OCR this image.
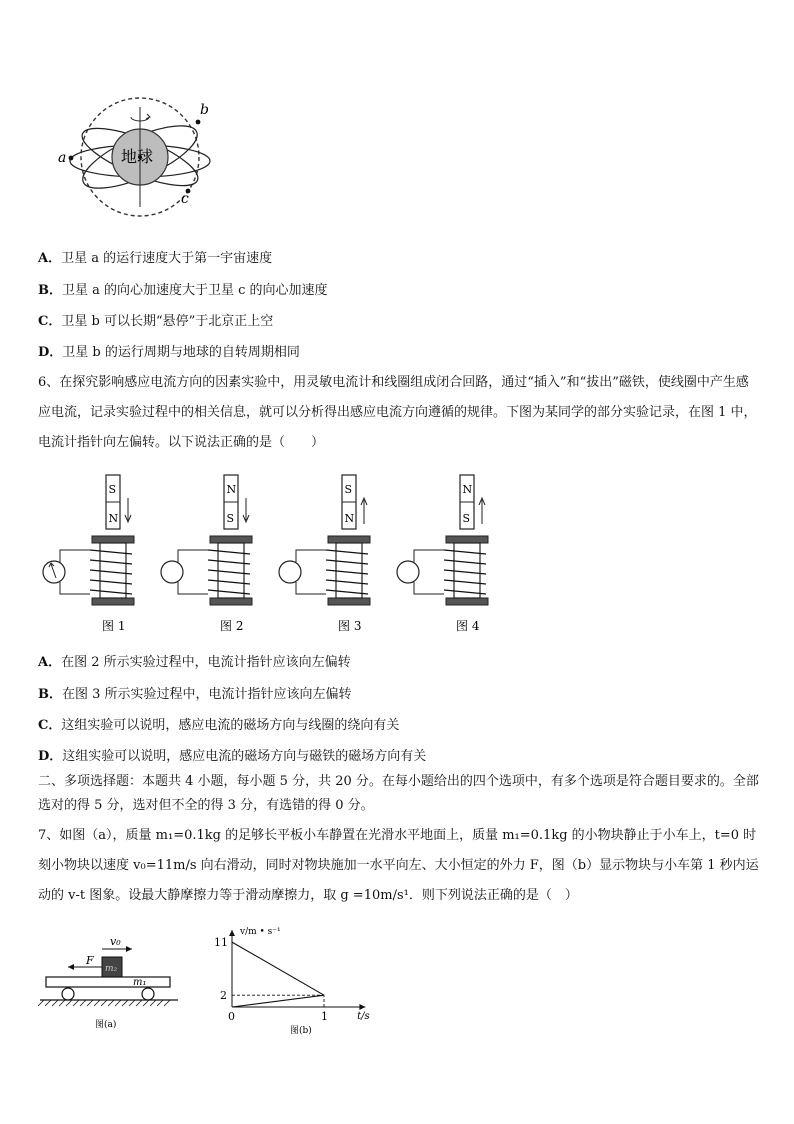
地球
a
b
c
A．卫星 a 的运行速度大于第一宇宙速度
B．卫星 a 的向心加速度大于卫星 c 的向心加速度
C．卫星 b 可以长期“悬停”于北京正上空
D．卫星 b 的运行周期与地球的自转周期相同
6、在探究影响感应电流方向的因素实验中，用灵敏电流计和线圈组成闭合回路，通过“插入”和“拔出”磁铁，使线圈中产生感应电流，记录实验过程中的相关信息，就可以分析得出感应电流方向遵循的规律。下图为某同学的部分实验记录，在图 1 中，电流计指针向左偏转。以下说法正确的是（　　）
S
N
图 1
N
S
图 2
S
N
图 3
N
S
图 4
A．在图 2 所示实验过程中，电流计指针应该向左偏转
B．在图 3 所示实验过程中，电流计指针应该向左偏转
C．这组实验可以说明，感应电流的磁场方向与线圈的绕向有关
D．这组实验可以说明，感应电流的磁场方向与磁铁的磁场方向有关
二、多项选择题：本题共 4 小题，每小题 5 分，共 20 分。在每小题给出的四个选项中，有多个选项是符合题目要求的。全部选对的得 5 分，选对但不全的得 3 分，有选错的得 0 分。
7、如图（a），质量 m₁=0.1kg 的足够长平板小车静置在光滑水平地面上，质量 m₁=0.1kg 的小物块静止于小车上，t=0 时刻小物块以速度 v₀=11m/s 向右滑动，同时对物块施加一水平向左、大小恒定的外力 F，图（b）显示物块与小车第 1 秒内运动的 v-t 图象。设最大静摩擦力等于滑动摩擦力，取 g =10m/s¹．则下列说法正确的是（　）
v₀
F
m₂
m₁
图(a)
0	1
2
11
v/m • s⁻¹
t/s
图(b)
